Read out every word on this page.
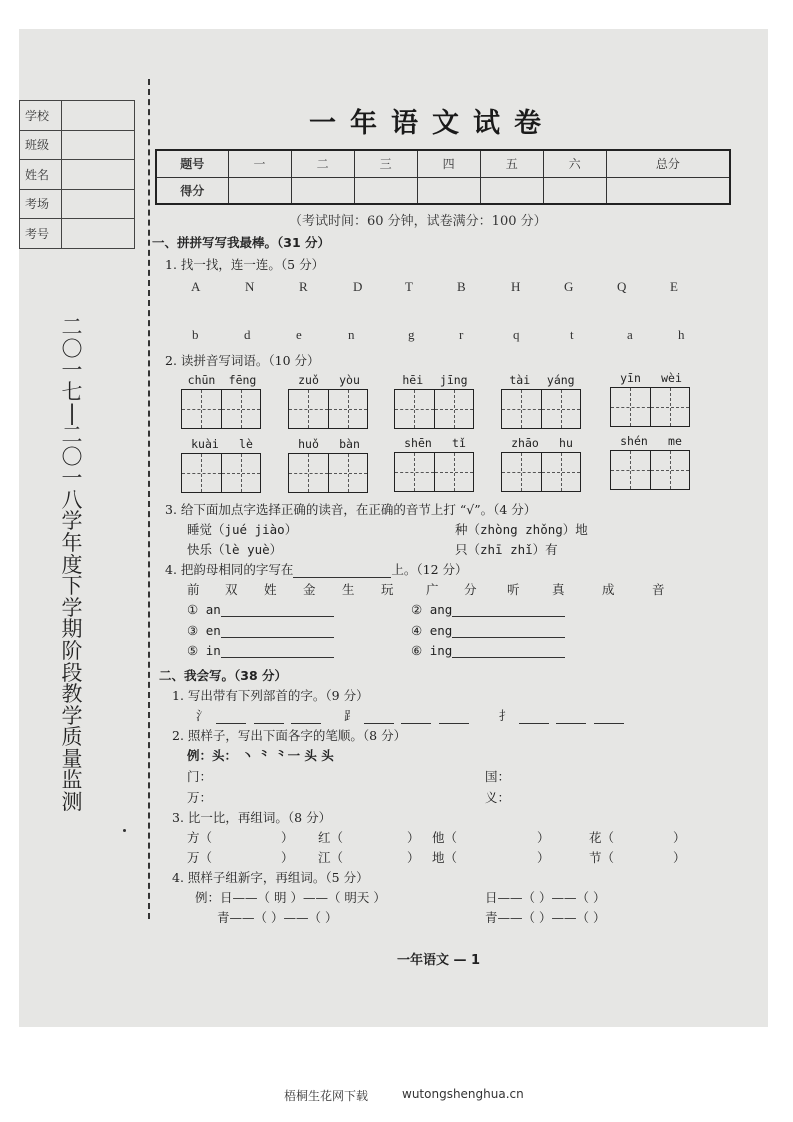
学校	
班级	
姓名	
考场	
考号	
二
〇
一
七
|
二
〇
一
八
学
年
度
下
学
期
阶
段
教
学
质
量
监
测
一年语文试卷
题号	一	二	三	四	五	六	总分
得分							
（考试时间：60 分钟，试卷满分：100 分）
一、拼拼写写我最棒。（31 分）
1. 找一找，连一连。（5 分）
A	N	R	D	T	B	H	G	Q	E
b	d	e	n	g	r	q	t	a	h
2. 读拼音写词语。（10 分）
chūn fēng	zuǒ yòu	hēi jīng	tài yáng	yīn wèi
kuài lè	huǒ bàn	shēn tǐ	zhāo hu	shén me
3. 给下面加点字选择正确的读音，在正确的音节上打 “√”。（4 分）
睡觉（jué jiào）	种（zhòng zhǒng）地
快乐（lè yuè）	只（zhī zhǐ）有
4. 把韵母相同的字写在	上。（12 分）
前 双 姓 金 生 玩	广 分 听	真	成	音
① an	② ang
③ en	④ eng
⑤ in	⑥ ing
二、我会写。（38 分）
1. 写出带有下列部首的字。（9 分）
氵	⻊	扌
2. 照样子，写出下面各字的笔顺。（8 分）
例：头： 丶 ⺀ ⺀一 头 头
门：	国：
万：	义：
3. 比一比，再组词。（8 分）
方（	） 红（	） 他（	）	花（	）
万（	） 江（	） 地（	）	节（	）
4. 照样子组新字，再组词。（5 分）
例：日——（ 明 ）——（ 明天 ）	日——（ ）——（ ）
青——（ ）——（ ）	青——（ ）——（ ）
一年语文 — 1
梧桐生花网下载	wutongshenghua.cn
